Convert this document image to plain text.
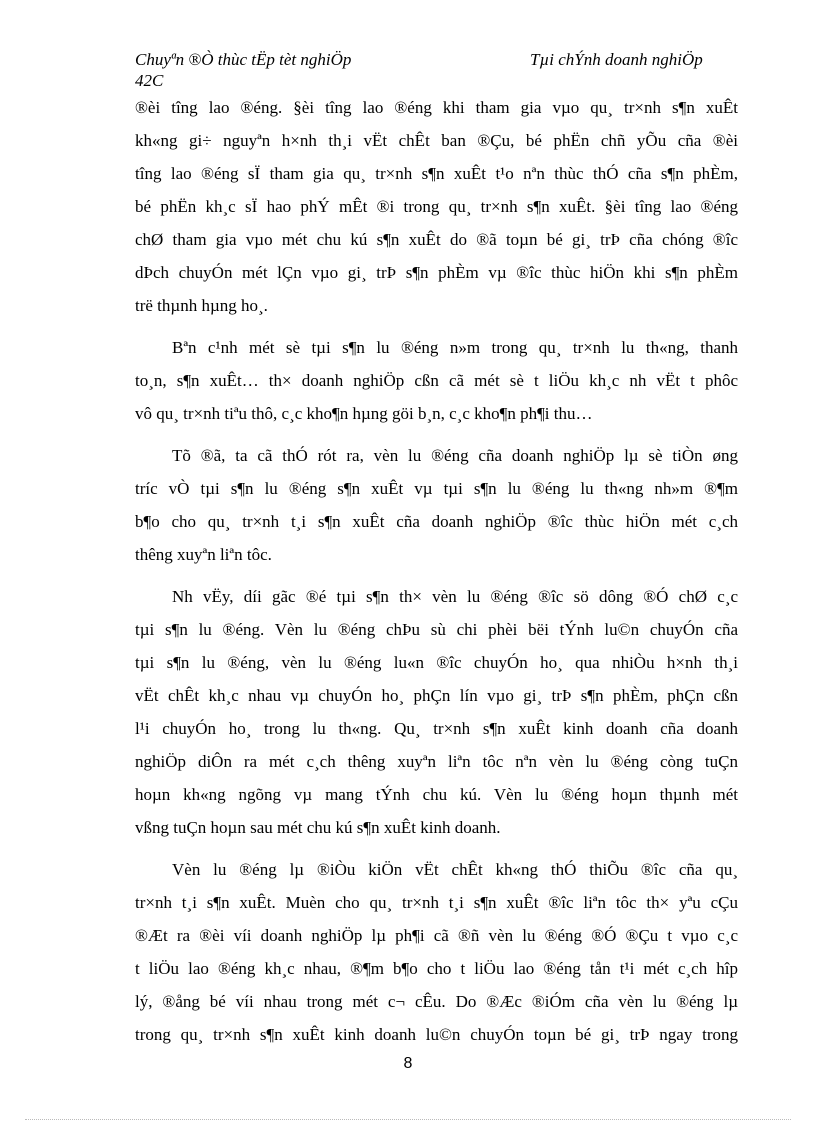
Chuyªn ®Ò thùc tËp tèt nghiÖp	Tµi chÝnh doanh nghiÖp
42C
®èi tîng lao ®éng. §èi tîng lao ®éng khi tham gia vµo qu¸ tr×nh s¶n xuÊt
kh«ng gi÷ nguyªn h×nh th¸i vËt chÊt ban ®Çu, bé phËn chñ yÕu cña ®èi
tîng lao ®éng sÏ tham gia qu¸ tr×nh s¶n xuÊt t¹o nªn thùc thÓ cña s¶n phÈm,
bé phËn kh¸c sÏ hao phÝ mÊt ®i trong qu¸ tr×nh s¶n xuÊt. §èi tîng lao ®éng
chØ tham gia vµo mét chu kú s¶n xuÊt do ®ã toµn bé gi¸ trÞ cña chóng ®îc
dÞch chuyÓn mét lÇn vµo gi¸ trÞ s¶n phÈm vµ ®îc thùc hiÖn khi s¶n phÈm
trë thµnh hµng ho¸.
Bªn c¹nh mét sè tµi s¶n lu ®éng n»m trong qu¸ tr×nh lu th«ng, thanh
to¸n, s¶n xuÊt… th× doanh nghiÖp cßn cã mét sè t liÖu kh¸c nh vËt t phôc
vô qu¸ tr×nh tiªu thô, c¸c kho¶n hµng göi b¸n, c¸c kho¶n ph¶i thu…
Tõ ®ã, ta cã thÓ rót ra, vèn lu ®éng cña doanh nghiÖp lµ sè tiÒn øng
tríc vÒ tµi s¶n lu ®éng s¶n xuÊt vµ tµi s¶n lu ®éng lu th«ng nh»m ®¶m
b¶o cho qu¸ tr×nh t¸i s¶n xuÊt cña doanh nghiÖp ®îc thùc hiÖn mét c¸ch
thêng xuyªn liªn tôc.
Nh vËy, díi gãc ®é tµi s¶n th× vèn lu ®éng ®îc sö dông ®Ó chØ c¸c
tµi s¶n lu ®éng. Vèn lu ®éng chÞu sù chi phèi bëi tÝnh lu©n chuyÓn cña
tµi s¶n lu ®éng, vèn lu ®éng lu«n ®îc chuyÓn ho¸ qua nhiÒu h×nh th¸i
vËt chÊt kh¸c nhau vµ chuyÓn ho¸ phÇn lín vµo gi¸ trÞ s¶n phÈm, phÇn cßn
l¹i chuyÓn ho¸ trong lu th«ng. Qu¸ tr×nh s¶n xuÊt kinh doanh cña doanh
nghiÖp diÔn ra mét c¸ch thêng xuyªn liªn tôc nªn vèn lu ®éng còng tuÇn
hoµn kh«ng ngõng vµ mang tÝnh chu kú. Vèn lu ®éng hoµn thµnh mét
vßng tuÇn hoµn sau mét chu kú s¶n xuÊt kinh doanh.
Vèn lu ®éng lµ ®iÒu kiÖn vËt chÊt kh«ng thÓ thiÕu ®îc cña qu¸
tr×nh t¸i s¶n xuÊt. Muèn cho qu¸ tr×nh t¸i s¶n xuÊt ®îc liªn tôc th× yªu cÇu
®Æt ra ®èi víi doanh nghiÖp lµ ph¶i cã ®ñ vèn lu ®éng ®Ó ®Çu t vµo c¸c
t liÖu lao ®éng kh¸c nhau, ®¶m b¶o cho t liÖu lao ®éng tån t¹i mét c¸ch hîp
lý, ®ång bé víi nhau trong mét c¬ cÊu. Do ®Æc ®iÓm cña vèn lu ®éng lµ
trong qu¸ tr×nh s¶n xuÊt kinh doanh lu©n chuyÓn toµn bé gi¸ trÞ ngay trong
8
